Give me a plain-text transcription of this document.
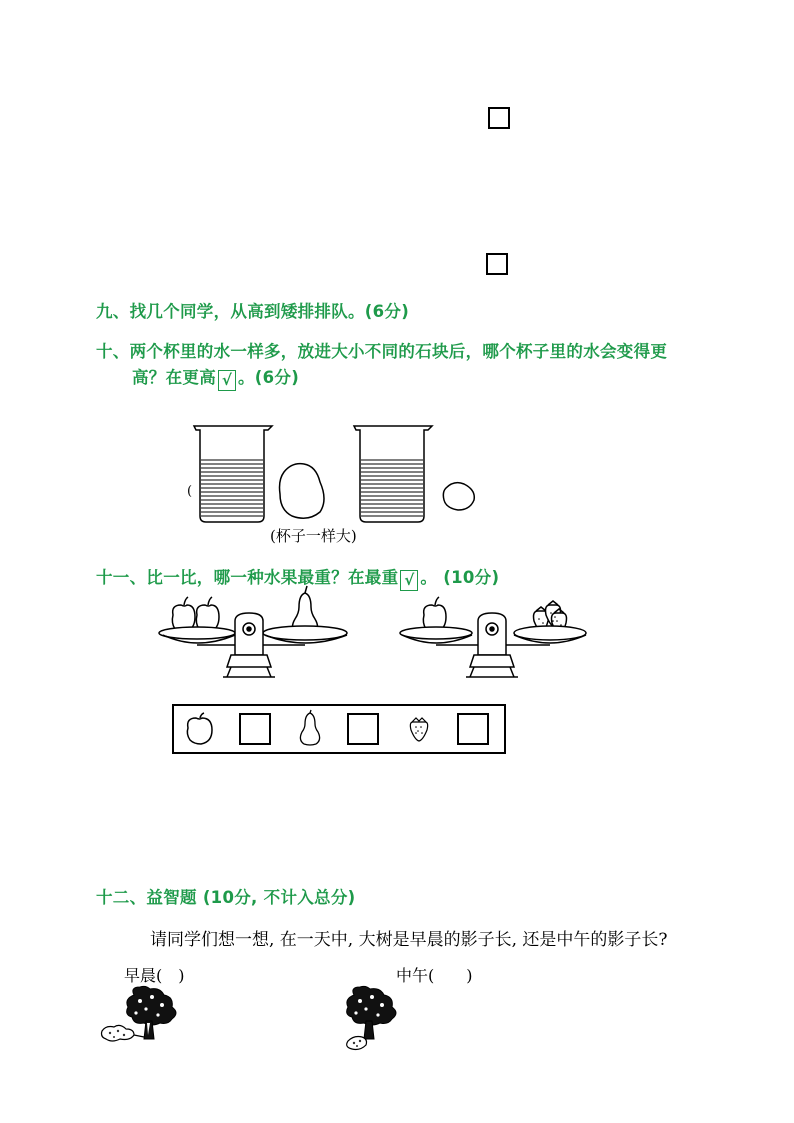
九、找几个同学，从高到矮排排队。(6分)
十、两个杯里的水一样多，放进大小不同的石块后，哪个杯子里的水会变得更
高？在更高 √ 。(6分)
(
(杯子一样大)
十一、比一比，哪一种水果最重？在最重 √ 。 (10分)
十二、益智题 (10分, 不计入总分)
请同学们想一想, 在一天中, 大树是早晨的影子长, 还是中午的影子长?
早晨(　)	中午(　　)
